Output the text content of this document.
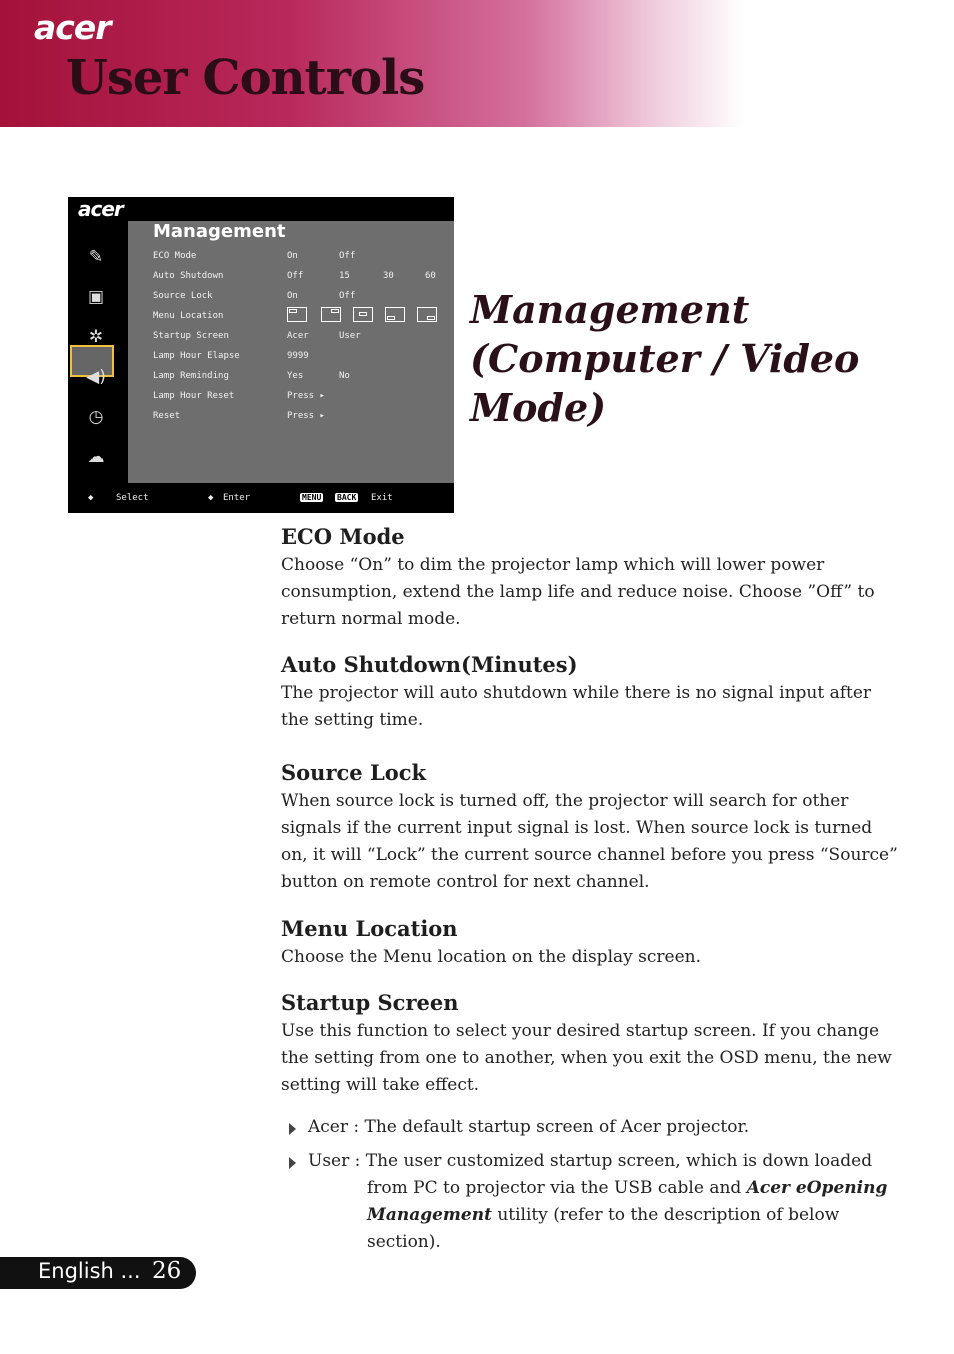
acer
User Controls
acer
✎
▣
✲
◀)
◷
☁
Management
ECO Mode	On	Off
Auto Shutdown	Off	15	30	60
Source Lock	On	Off
Menu Location
Startup Screen	Acer	User
Lamp Hour Elapse	9999
Lamp Reminding	Yes	No
Lamp Hour Reset	Press ▸
Reset	Press ▸
◆	Select	◆ Enter	MENU BACK Exit
Management
(Computer / Video
Mode)
ECO Mode

Choose “On” to dim the projector lamp which will lower power consumption, extend the lamp life and reduce noise. Choose ”Off” to return normal mode.

Auto Shutdown(Minutes)

The projector will auto shutdown while there is no signal input after the setting time.

Source Lock

When source lock is turned off, the projector will search for other signals if the current input signal is lost. When source lock is turned on, it will “Lock” the current source channel before you press “Source” button on remote control for next channel.

Menu Location

Choose the Menu location on the display screen.

Startup Screen

Use this function to select your desired startup screen. If you change the setting from one to another, when you exit the OSD menu, the new setting will take effect.

Acer : The default startup screen of Acer projector.

User : The user customized startup screen, which is down loaded from PC to projector via the USB cable and Acer eOpening Management utility (refer to the description of below section).

English ... 26
